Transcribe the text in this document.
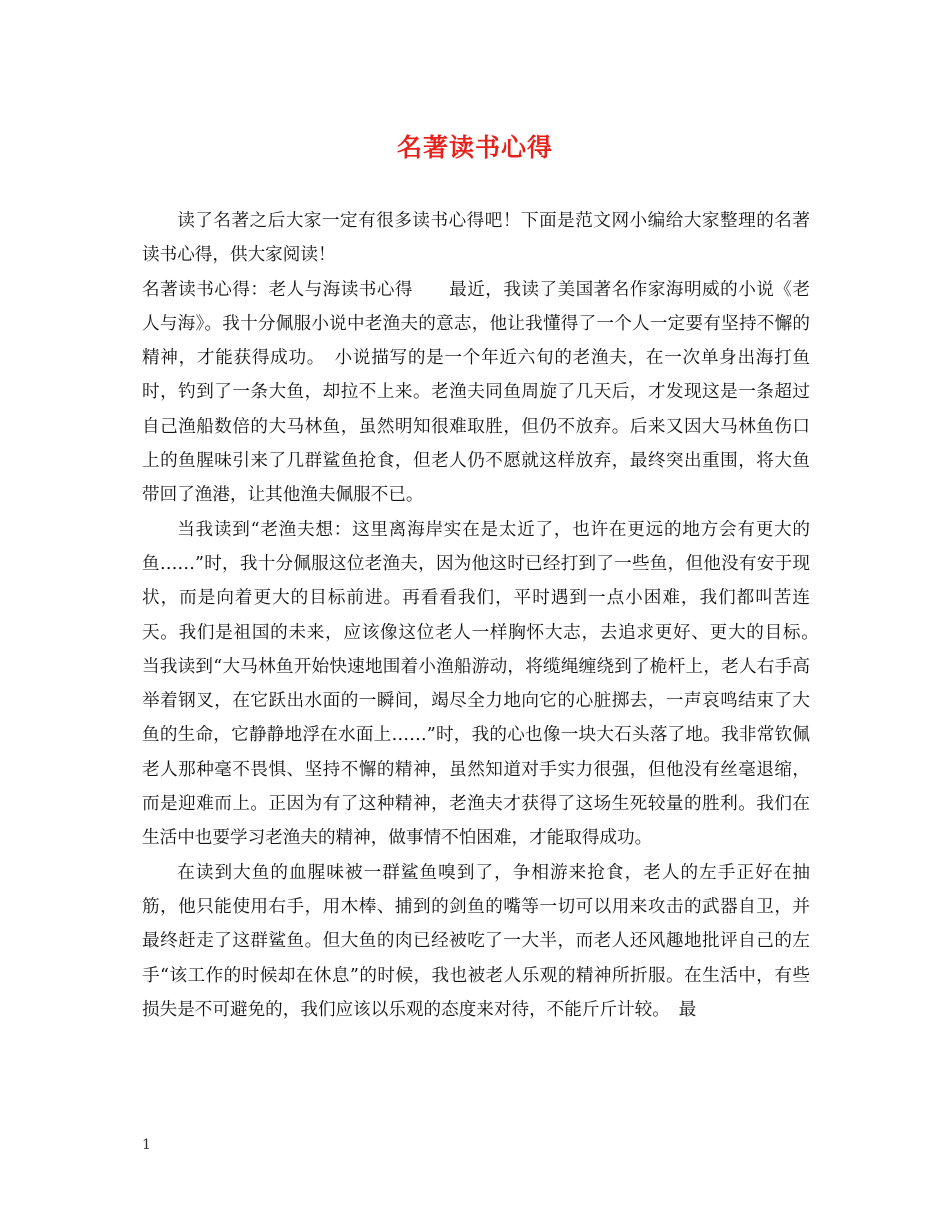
名著读书心得

读了名著之后大家一定有很多读书心得吧！下面是范文网小编给大家整理的名著读书心得，供大家阅读！

名著读书心得：老人与海读书心得　　最近，我读了美国著名作家海明威的小说《老人与海》。我十分佩服小说中老渔夫的意志，他让我懂得了一个人一定要有坚持不懈的精神，才能获得成功。　小说描写的是一个年近六旬的老渔夫，在一次单身出海打鱼时，钓到了一条大鱼，却拉不上来。老渔夫同鱼周旋了几天后，才发现这是一条超过自己渔船数倍的大马林鱼，虽然明知很难取胜，但仍不放弃。后来又因大马林鱼伤口上的鱼腥味引来了几群鲨鱼抢食，但老人仍不愿就这样放弃，最终突出重围，将大鱼带回了渔港，让其他渔夫佩服不已。

当我读到“老渔夫想：这里离海岸实在是太近了，也许在更远的地方会有更大的鱼……”时，我十分佩服这位老渔夫，因为他这时已经打到了一些鱼，但他没有安于现状，而是向着更大的目标前进。再看看我们，平时遇到一点小困难，我们都叫苦连天。我们是祖国的未来，应该像这位老人一样胸怀大志，去追求更好、更大的目标。　当我读到“大马林鱼开始快速地围着小渔船游动，将缆绳缠绕到了桅杆上，老人右手高举着钢叉，在它跃出水面的一瞬间，竭尽全力地向它的心脏掷去，一声哀鸣结束了大鱼的生命，它静静地浮在水面上……”时，我的心也像一块大石头落了地。我非常钦佩老人那种毫不畏惧、坚持不懈的精神，虽然知道对手实力很强，但他没有丝毫退缩，而是迎难而上。正因为有了这种精神，老渔夫才获得了这场生死较量的胜利。我们在生活中也要学习老渔夫的精神，做事情不怕困难，才能取得成功。

在读到大鱼的血腥味被一群鲨鱼嗅到了，争相游来抢食，老人的左手正好在抽筋，他只能使用右手，用木棒、捕到的剑鱼的嘴等一切可以用来攻击的武器自卫，并最终赶走了这群鲨鱼。但大鱼的肉已经被吃了一大半，而老人还风趣地批评自己的左手“该工作的时候却在休息”的时候，我也被老人乐观的精神所折服。在生活中，有些损失是不可避免的，我们应该以乐观的态度来对待，不能斤斤计较。　最

1
